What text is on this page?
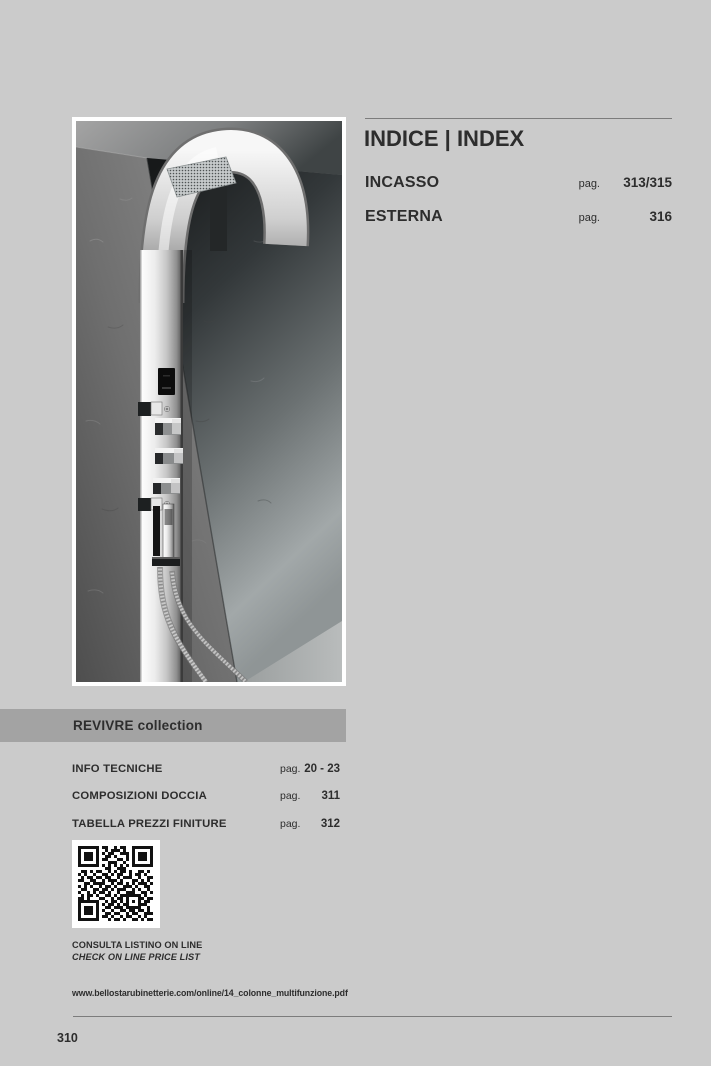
INDICE | INDEX
INCASSO	pag.	313/315
ESTERNA	pag.	316
REVIVRE collection
INFO TECNICHE	pag. 20 - 23
COMPOSIZIONI DOCCIA	pag. 311
TABELLA PREZZI FINITURE	pag. 312
CONSULTA LISTINO ON LINE
CHECK ON LINE PRICE LIST
www.bellostarubinetterie.com/online/14_colonne_multifunzione.pdf
310
